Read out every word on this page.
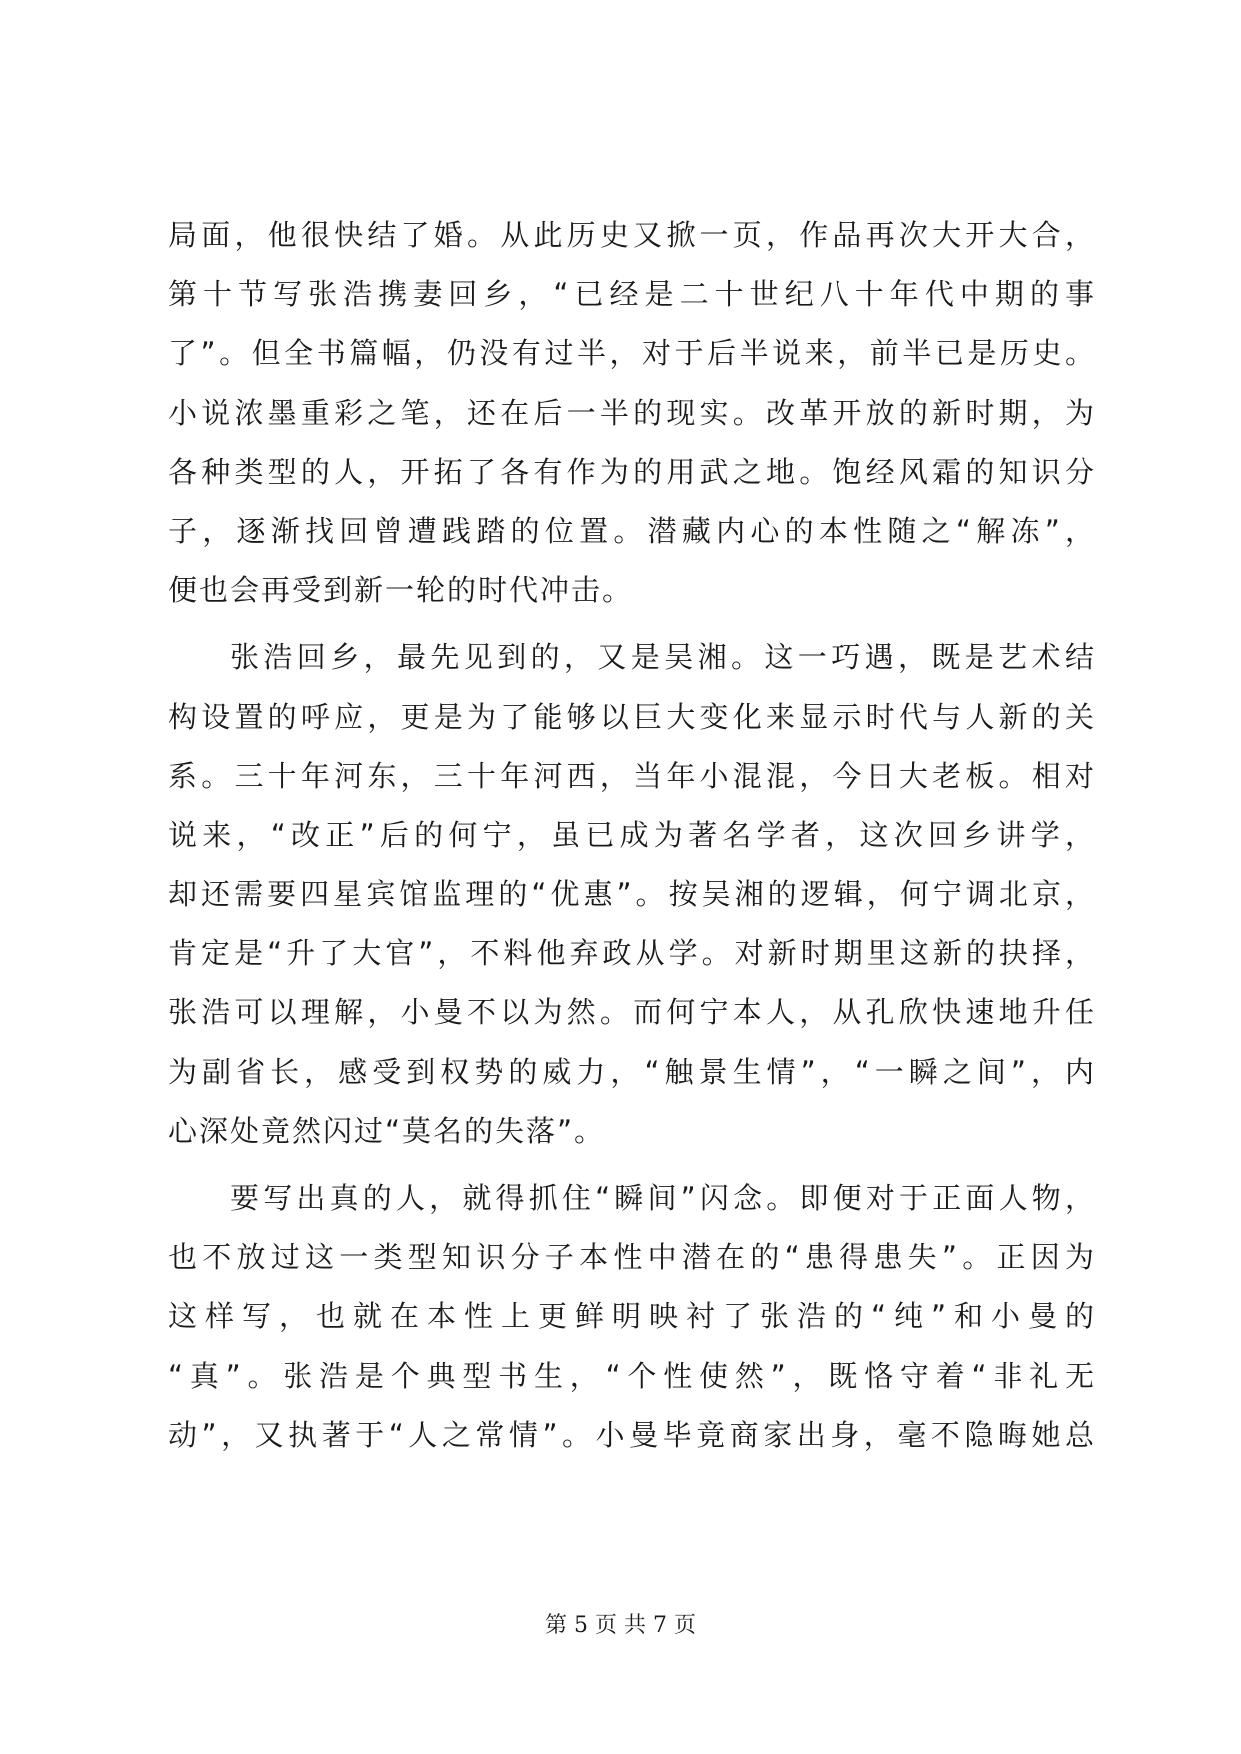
局面，他很快结了婚。从此历史又掀一页，作品再次大开大合，
第十节写张浩携妻回乡，“已经是二十世纪八十年代中期的事
了”。但全书篇幅，仍没有过半，对于后半说来，前半已是历史。
小说浓墨重彩之笔，还在后一半的现实。改革开放的新时期，为
各种类型的人，开拓了各有作为的用武之地。饱经风霜的知识分
子，逐渐找回曾遭践踏的位置。潜藏内心的本性随之“解冻”，
便也会再受到新一轮的时代冲击。
张浩回乡，最先见到的，又是吴湘。这一巧遇，既是艺术结
构设置的呼应，更是为了能够以巨大变化来显示时代与人新的关
系。三十年河东，三十年河西，当年小混混，今日大老板。相对
说来，“改正”后的何宁，虽已成为著名学者，这次回乡讲学，
却还需要四星宾馆监理的“优惠”。按吴湘的逻辑，何宁调北京，
肯定是“升了大官”，不料他弃政从学。对新时期里这新的抉择，
张浩可以理解，小曼不以为然。而何宁本人，从孔欣快速地升任
为副省长，感受到权势的威力，“触景生情”，“一瞬之间”，内
心深处竟然闪过“莫名的失落”。
要写出真的人，就得抓住“瞬间”闪念。即便对于正面人物，
也不放过这一类型知识分子本性中潜在的“患得患失”。正因为
这样写，也就在本性上更鲜明映衬了张浩的“纯”和小曼的
“真”。张浩是个典型书生，“个性使然”，既恪守着“非礼无
动”，又执著于“人之常情”。小曼毕竟商家出身，毫不隐晦她总
第 5 页 共 7 页
